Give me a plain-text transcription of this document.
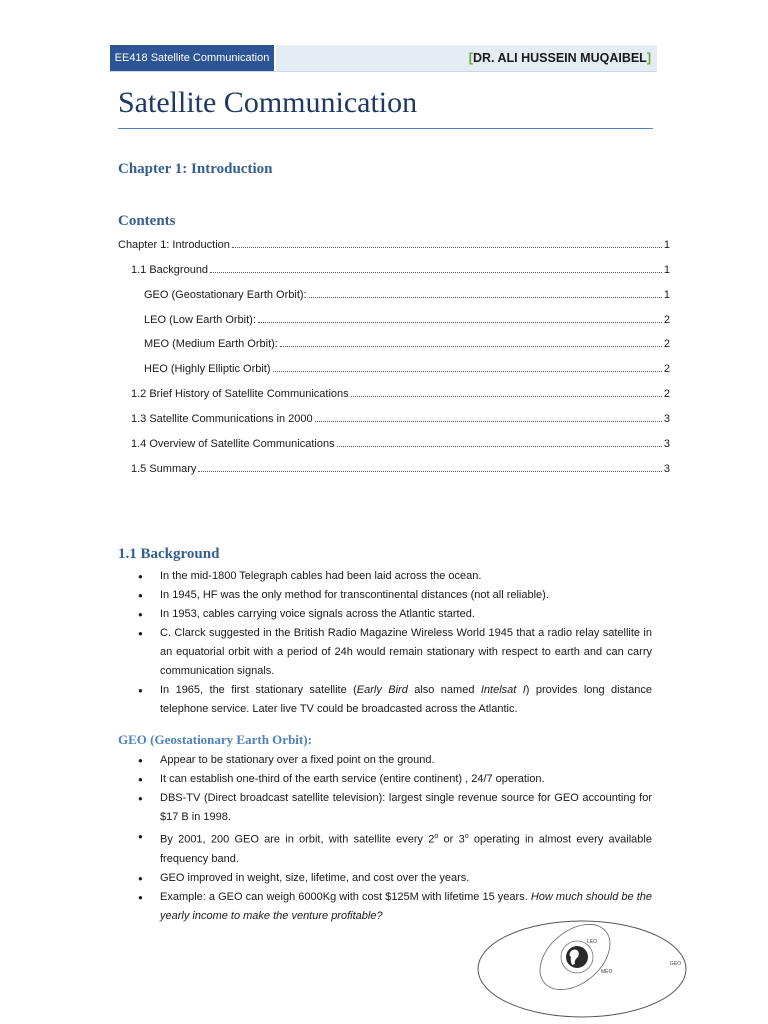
EE418 Satellite Communication	[DR. ALI HUSSEIN MUQAIBEL]
Satellite Communication
Chapter 1: Introduction
Contents
Chapter 1: Introduction	1
1.1 Background	1
GEO (Geostationary Earth Orbit):	1
LEO (Low Earth Orbit):	2
MEO (Medium Earth Orbit):	2
HEO (Highly Elliptic Orbit)	2
1.2 Brief History of Satellite Communications	2
1.3 Satellite Communications in 2000	3
1.4 Overview of Satellite Communications	3
1.5 Summary	3
1.1 Background
● In the mid-1800 Telegraph cables had been laid across the ocean.
● In 1945, HF was the only method for transcontinental distances (not all reliable).
● In 1953, cables carrying voice signals across the Atlantic started.
● C. Clarck suggested in the British Radio Magazine Wireless World 1945 that a radio relay satellite in an equatorial orbit with a period of 24h would remain stationary with respect to earth and can carry communication signals.
● In 1965, the first stationary satellite (Early Bird also named Intelsat I) provides long distance telephone service. Later live TV could be broadcasted across the Atlantic.
GEO (Geostationary Earth Orbit):
● Appear to be stationary over a fixed point on the ground.
● It can establish one-third of the earth service (entire continent) , 24/7 operation.
● DBS-TV (Direct broadcast satellite television): largest single revenue source for GEO accounting for $17 B in 1998.
● By 2001, 200 GEO are in orbit, with satellite every 2$^o$ or 3$^o$ operating in almost every available frequency band.
● GEO improved in weight, size, lifetime, and cost over the years.
● Example: a GEO can weigh 6000Kg with cost $125M with lifetime 15 years. How much should be the yearly income to make the venture profitable?
LEO
MEO
GEO
